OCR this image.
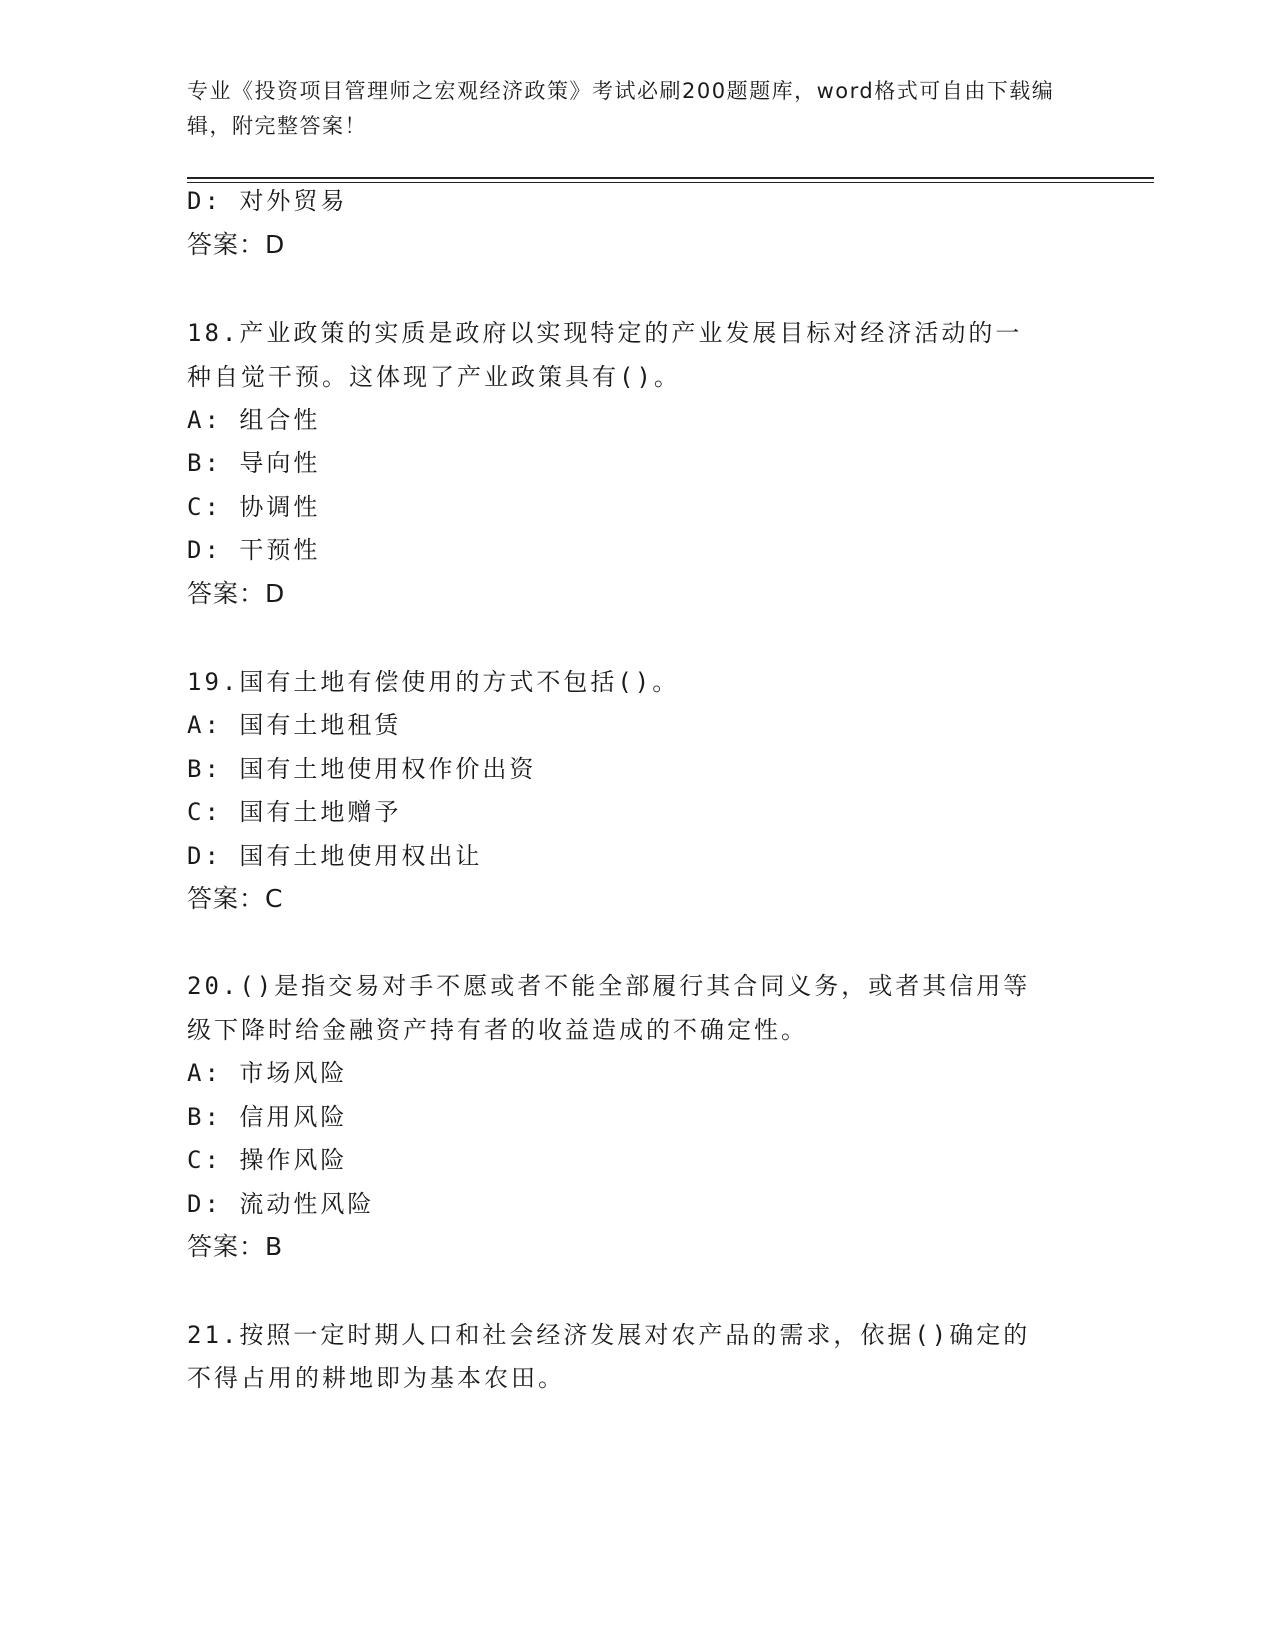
专业《投资项目管理师之宏观经济政策》考试必刷200题题库，word格式可自由下载编辑，附完整答案！
D: 对外贸易
答案：D
18.产业政策的实质是政府以实现特定的产业发展目标对经济活动的一
种自觉干预。这体现了产业政策具有()。
A: 组合性
B: 导向性
C: 协调性
D: 干预性
答案：D
19.国有土地有偿使用的方式不包括()。
A: 国有土地租赁
B: 国有土地使用权作价出资
C: 国有土地赠予
D: 国有土地使用权出让
答案：C
20.()是指交易对手不愿或者不能全部履行其合同义务，或者其信用等
级下降时给金融资产持有者的收益造成的不确定性。
A: 市场风险
B: 信用风险
C: 操作风险
D: 流动性风险
答案：B
21.按照一定时期人口和社会经济发展对农产品的需求，依据()确定的
不得占用的耕地即为基本农田。
